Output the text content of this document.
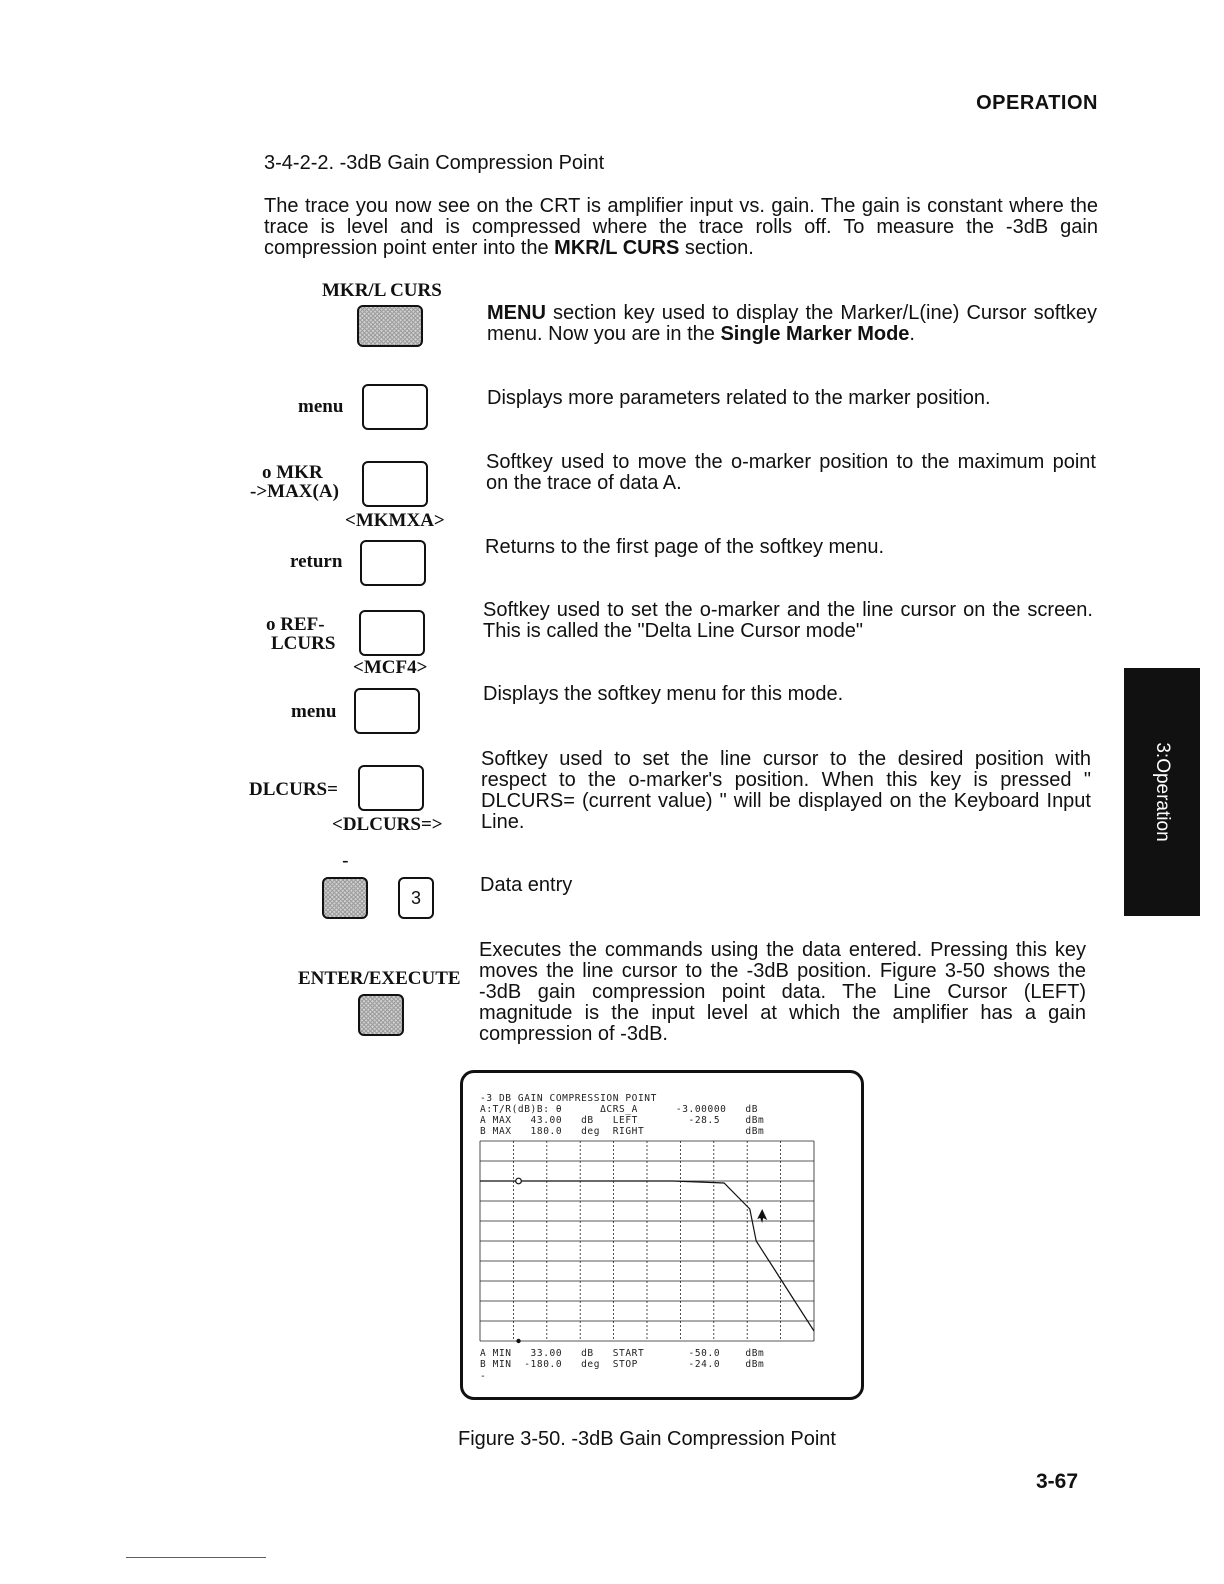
OPERATION
3-4-2-2. -3dB Gain Compression Point
The trace you now see on the CRT is amplifier input vs. gain. The gain is constant where the trace is level and is compressed where the trace rolls off. To measure the -3dB gain compression point enter into the MKR/L CURS section.
MKR/L CURS
MENU section key used to display the Marker/L(ine) Cursor softkey menu. Now you are in the Single Marker Mode.
menu	Displays more parameters related to the marker position.
o MKR
->MAX(A)
<MKMXA>
Softkey used to move the o-marker position to the maximum point on the trace of data A.
return
Returns to the first page of the softkey menu.
o REF-
LCURS
<MCF4>
Softkey used to set the o-marker and the line cursor on the screen. This is called the "Delta Line Cursor mode"
menu
Displays the softkey menu for this mode.
DLCURS=
<DLCURS=>
Softkey used to set the line cursor to the desired position with respect to the o-marker's position. When this key is pressed " DLCURS= (current value) " will be displayed on the Keyboard Input Line.
-
3
Data entry
ENTER/EXECUTE
Executes the commands using the data entered. Pressing this key moves the line cursor to the -3dB position. Figure 3-50 shows the -3dB gain compression point data. The Line Cursor (LEFT) magnitude is the input level at which the amplifier has a gain compression of -3dB.
3:Operation
-3 DB GAIN COMPRESSION POINT
A:T/R(dB)B: θ      ΔCRS_A      -3.00000   dB
A MAX   43.00   dB   LEFT        -28.5    dBm
B MAX   180.0   deg  RIGHT                dBm
A MIN   33.00   dB   START       -50.0    dBm
B MIN  -180.0   deg  STOP        -24.0    dBm
-
Figure 3-50. -3dB Gain Compression Point
3-67
